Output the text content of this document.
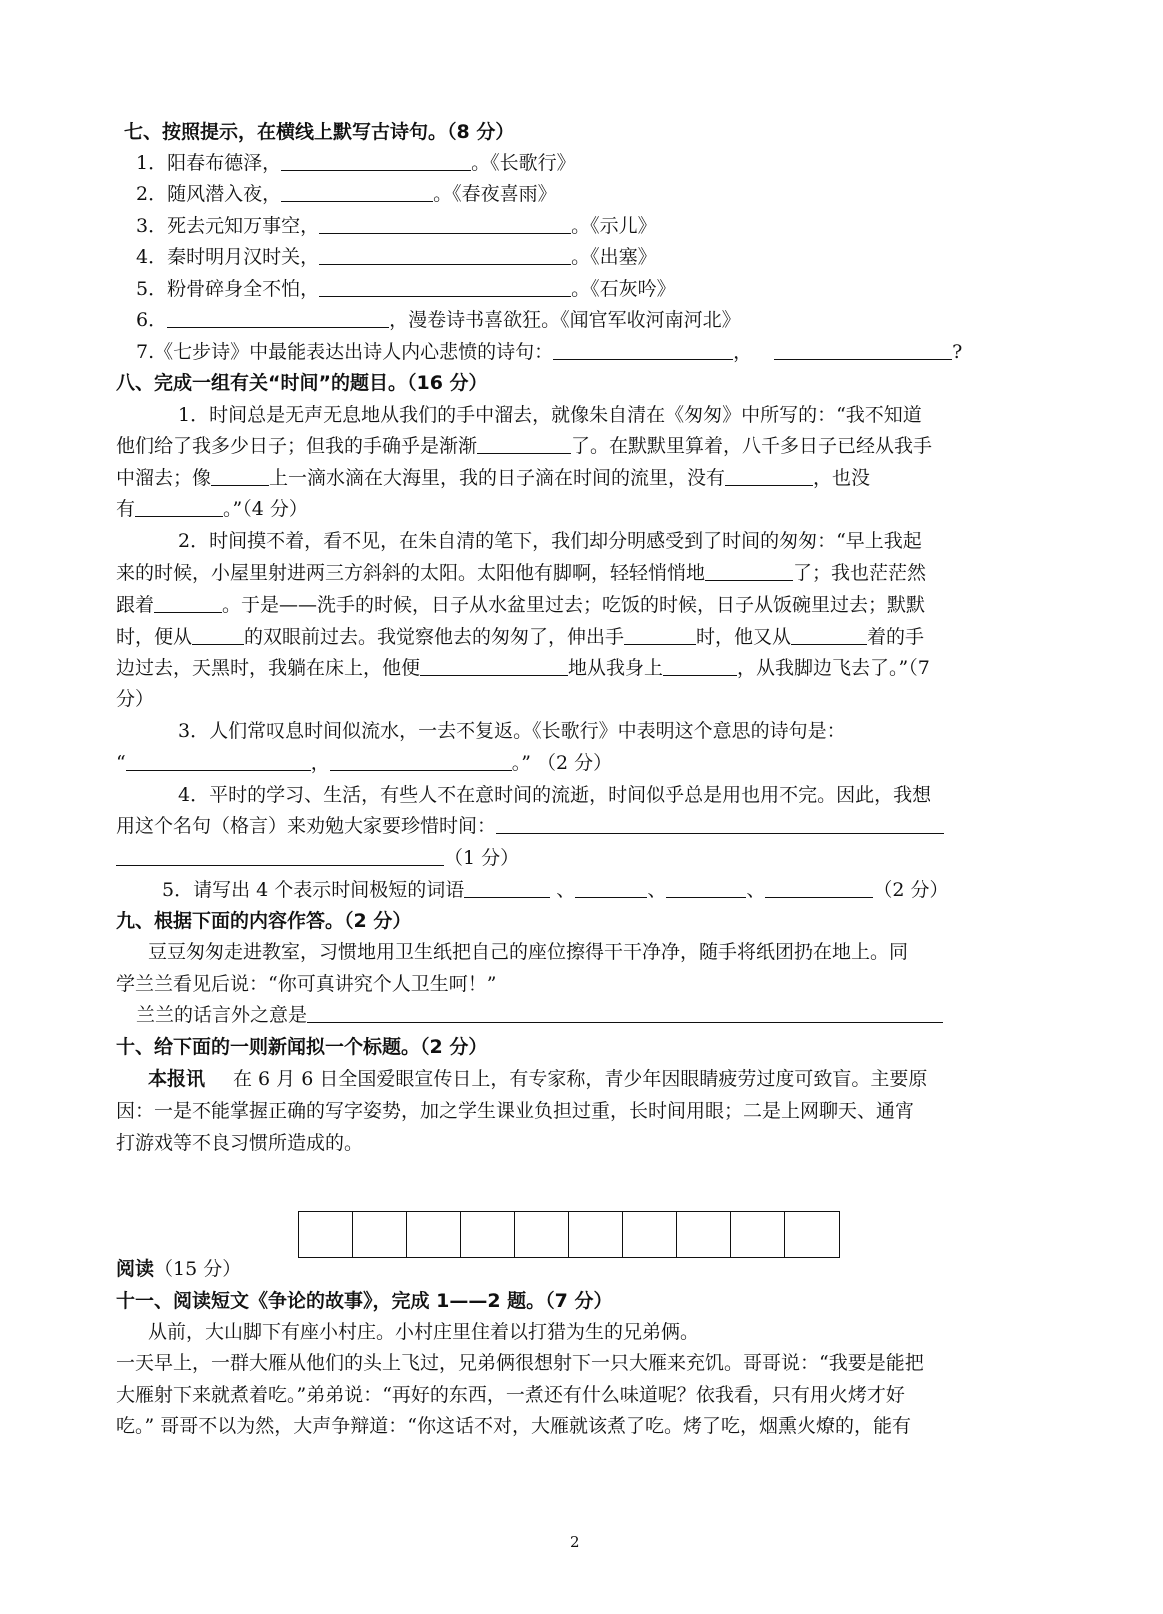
七、按照提示，在横线上默写古诗句。（8 分）
1．阳春布德泽，	。《长歌行》
2．随风潜入夜，	。《春夜喜雨》
3．死去元知万事空，	。《示儿》
4．秦时明月汉时关，	。《出塞》
5．粉骨碎身全不怕，	。《石灰吟》
6．	，漫卷诗书喜欲狂。《闻官军收河南河北》
7.《七步诗》中最能表达出诗人内心悲愤的诗句：	，	?
八、完成一组有关“时间”的题目。（16 分）
1．时间总是无声无息地从我们的手中溜去，就像朱自清在《匆匆》中所写的：“我不知道
他们给了我多少日子；但我的手确乎是渐渐	了。在默默里算着，八千多日子已经从我手
中溜去；像	上一滴水滴在大海里，我的日子滴在时间的流里，没有	，也没
有	。”（4 分）
2．时间摸不着，看不见，在朱自清的笔下，我们却分明感受到了时间的匆匆：“早上我起
来的时候，小屋里射进两三方斜斜的太阳。太阳他有脚啊，轻轻悄悄地	了；我也茫茫然
跟着	。于是——洗手的时候，日子从水盆里过去；吃饭的时候，日子从饭碗里过去；默默
时，便从	的双眼前过去。我觉察他去的匆匆了，伸出手	时，他又从	着的手
边过去，天黑时，我躺在床上，他便	地从我身上	，从我脚边飞去了。”（7
分）
3．人们常叹息时间似流水，一去不复返。《长歌行》中表明这个意思的诗句是：
“	，	。” （2 分）
4．平时的学习、生活，有些人不在意时间的流逝，时间似乎总是用也用不完。因此，我想
用这个名句（格言）来劝勉大家要珍惜时间：
（1 分）
5．请写出 4 个表示时间极短的词语	、	、	、	（2 分）
九、根据下面的内容作答。（2 分）
豆豆匆匆走进教室，习惯地用卫生纸把自己的座位擦得干干净净，随手将纸团扔在地上。同
学兰兰看见后说：“你可真讲究个人卫生呵！”
兰兰的话言外之意是
十、给下面的一则新闻拟一个标题。（2 分）
本报讯 在 6 月 6 日全国爱眼宣传日上，有专家称，青少年因眼睛疲劳过度可致盲。主要原
因：一是不能掌握正确的写字姿势，加之学生课业负担过重，长时间用眼；二是上网聊天、通宵
打游戏等不良习惯所造成的。
阅读（15 分）
十一、阅读短文《争论的故事》，完成 1——2 题。（7 分）
从前，大山脚下有座小村庄。小村庄里住着以打猎为生的兄弟俩。
一天早上，一群大雁从他们的头上飞过，兄弟俩很想射下一只大雁来充饥。哥哥说：“我要是能把
大雁射下来就煮着吃。”弟弟说：“再好的东西，一煮还有什么味道呢？依我看，只有用火烤才好
吃。” 哥哥不以为然，大声争辩道：“你这话不对，大雁就该煮了吃。烤了吃，烟熏火燎的，能有
2
